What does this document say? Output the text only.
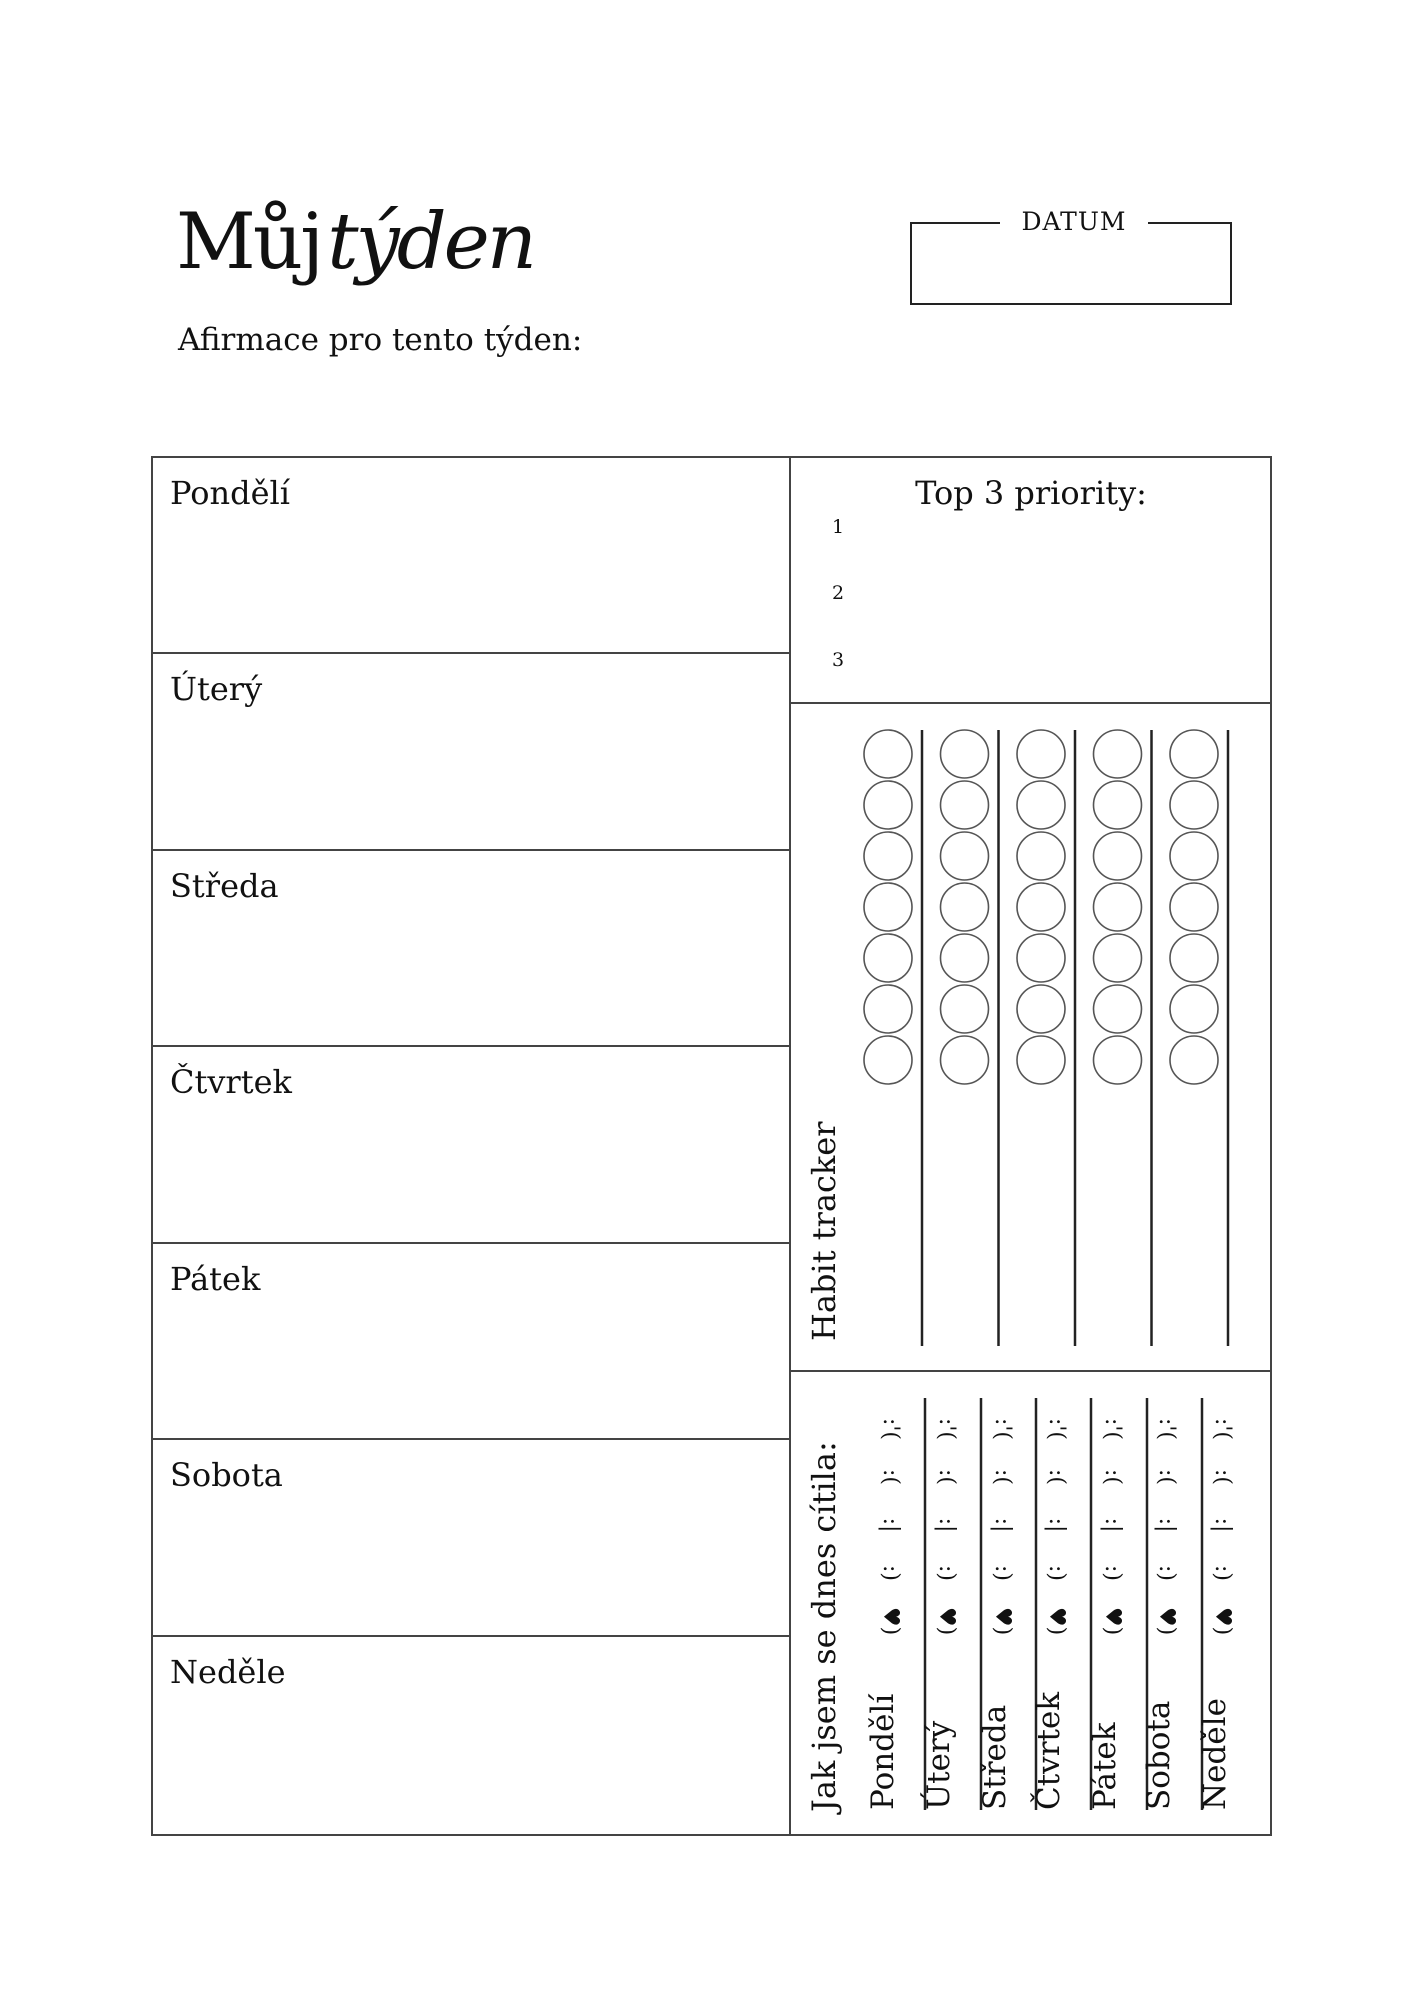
Můjtýden
Afirmace pro tento týden:
DATUM
Pondělí
Úterý
Středa
Čtvrtek
Pátek
Sobota
Neděle
Top 3 priority:
1
2
3
Habit tracker
Jak jsem se dnes cítila: Pondělí
:'(
:(
:|
:)
♥)
Úterý
:'(
:(
:|
:)
♥)
Středa
:'(
:(
:|
:)
♥)
Čtvrtek
:'(
:(
:|
:)
♥)
Pátek
:'(
:(
:|
:)
♥)
Sobota
:'(
:(
:|
:)
♥)
Neděle
:'(
:(
:|
:)
♥)
